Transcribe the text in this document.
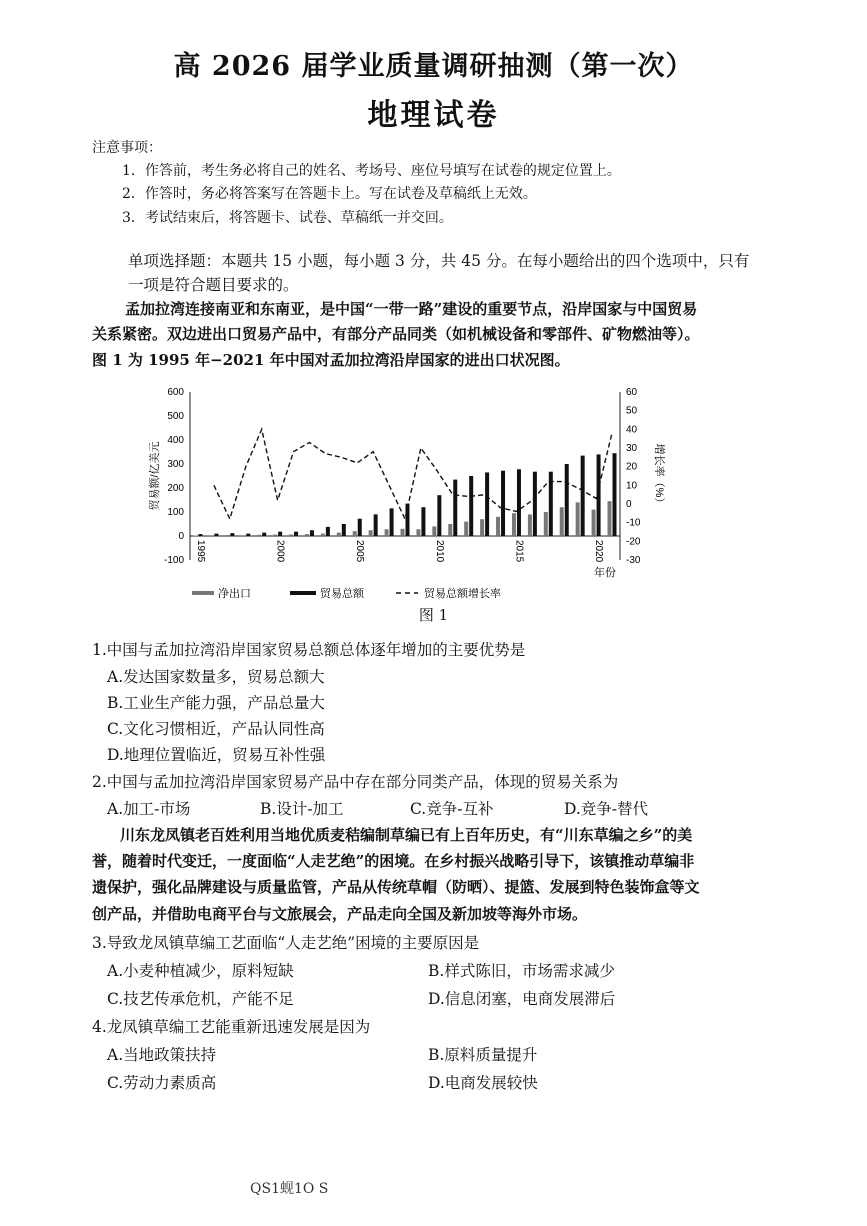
高 2026 届学业质量调研抽测（第一次）
地理试卷
注意事项：
1．作答前，考生务必将自己的姓名、考场号、座位号填写在试卷的规定位置上。
2．作答时，务必将答案写在答题卡上。写在试卷及草稿纸上无效。
3．考试结束后，将答题卡、试卷、草稿纸一并交回。
单项选择题：本题共 15 小题，每小题 3 分，共 45 分。在每小题给出的四个选项中，只有
一项是符合题目要求的。
孟加拉湾连接南亚和东南亚，是中国“一带一路”建设的重要节点，沿岸国家与中国贸易
关系紧密。双边进出口贸易产品中，有部分产品同类（如机械设备和零部件、矿物燃油等）。
图 1 为 1995 年−2021 年中国对孟加拉湾沿岸国家的进出口状况图。
600
500
400
300
200
100
0
-100
60
50
40
30
20
10
0
-10
-20
-30
1995	2000	2005	2010	2015	2020
贸易额/亿美元	增长率（%）
年份
净出口	贸易总额	贸易总额增长率
图 1
1.中国与孟加拉湾沿岸国家贸易总额总体逐年增加的主要优势是
A.发达国家数量多，贸易总额大
B.工业生产能力强，产品总量大
C.文化习惯相近，产品认同性高
D.地理位置临近，贸易互补性强
2.中国与孟加拉湾沿岸国家贸易产品中存在部分同类产品，体现的贸易关系为
A.加工-市场	B.设计-加工	C.竞争-互补	D.竞争-替代
川东龙凤镇老百姓利用当地优质麦秸编制草编已有上百年历史，有“川东草编之乡”的美
誉，随着时代变迁，一度面临“人走艺绝”的困境。在乡村振兴战略引导下，该镇推动草编非
遗保护，强化品牌建设与质量监管，产品从传统草帽（防晒）、提篮、发展到特色装饰盒等文
创产品，并借助电商平台与文旅展会，产品走向全国及新加坡等海外市场。
3.导致龙凤镇草编工艺面临“人走艺绝”困境的主要原因是
A.小麦种植减少，原料短缺	B.样式陈旧，市场需求减少
C.技艺传承危机，产能不足	D.信息闭塞，电商发展滞后
4.龙凤镇草编工艺能重新迅速发展是因为
A.当地政策扶持	B.原料质量提升
C.劳动力素质高	D.电商发展较快
QS1蚬1O S
